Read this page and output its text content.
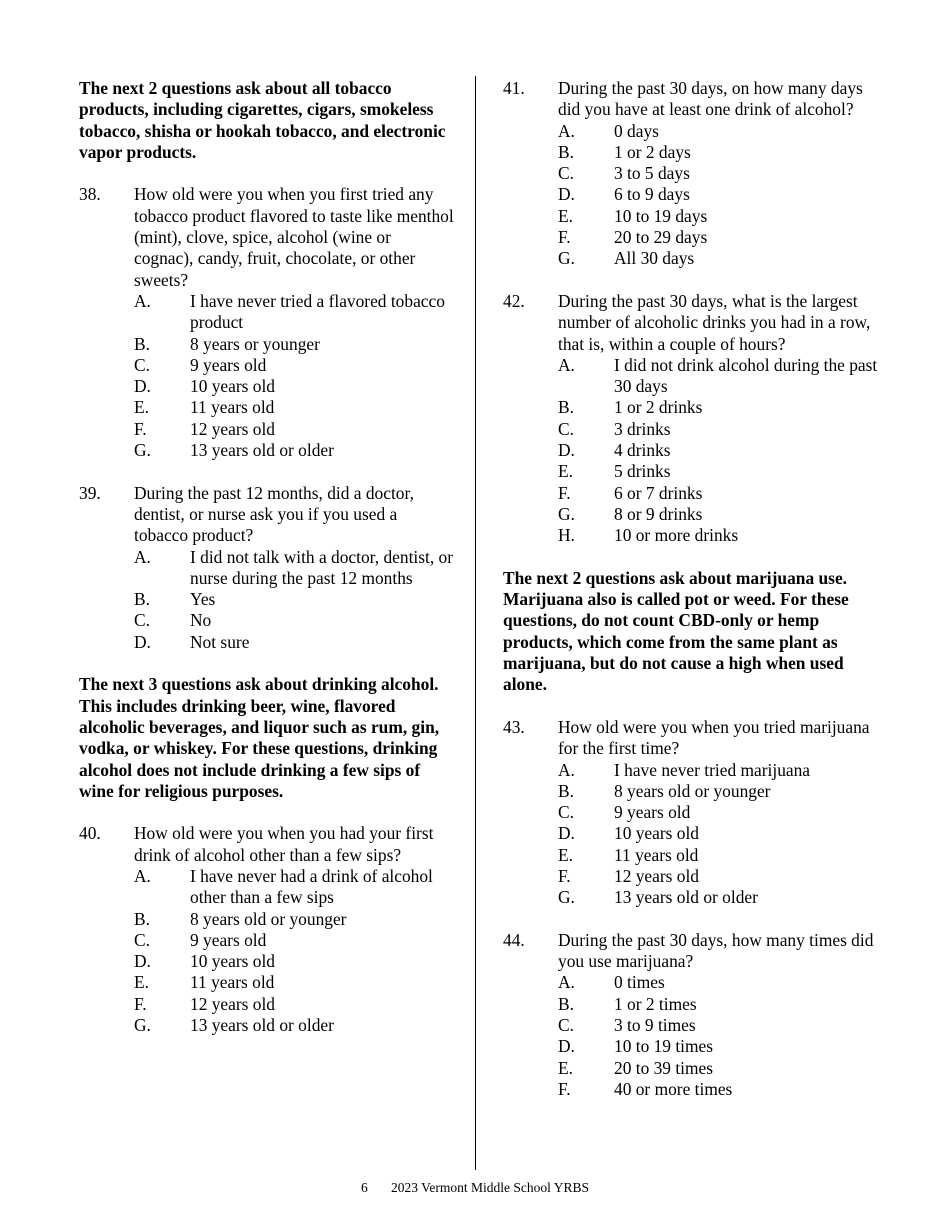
The next 2 questions ask about all tobacco products, including cigarettes, cigars, smokeless tobacco, shisha or hookah tobacco, and electronic vapor products.
38.	How old were you when you first tried any tobacco product flavored to taste like menthol (mint), clove, spice, alcohol (wine or cognac), candy, fruit, chocolate, or other sweets?
A.	I have never tried a flavored tobacco product
B.	8 years or younger
C.	9 years old
D.	10 years old
E.	11 years old
F.	12 years old
G.	13 years old or older
39.	During the past 12 months, did a doctor, dentist, or nurse ask you if you used a tobacco product?
A.	I did not talk with a doctor, dentist, or nurse during the past 12 months
B.	Yes
C.	No
D.	Not sure
The next 3 questions ask about drinking alcohol. This includes drinking beer, wine, flavored alcoholic beverages, and liquor such as rum, gin, vodka, or whiskey. For these questions, drinking alcohol does not include drinking a few sips of wine for religious purposes.
40.	How old were you when you had your first drink of alcohol other than a few sips?
A.	I have never had a drink of alcohol other than a few sips
B.	8 years old or younger
C.	9 years old
D.	10 years old
E.	11 years old
F.	12 years old
G.	13 years old or older
41.	During the past 30 days, on how many days did you have at least one drink of alcohol?
A.	0 days
B.	1 or 2 days
C.	3 to 5 days
D.	6 to 9 days
E.	10 to 19 days
F.	20 to 29 days
G.	All 30 days
42.	During the past 30 days, what is the largest number of alcoholic drinks you had in a row, that is, within a couple of hours?
A.	I did not drink alcohol during the past 30 days
B.	1 or 2 drinks
C.	3 drinks
D.	4 drinks
E.	5 drinks
F.	6 or 7 drinks
G.	8 or 9 drinks
H.	10 or more drinks
The next 2 questions ask about marijuana use. Marijuana also is called pot or weed. For these questions, do not count CBD-only or hemp products, which come from the same plant as marijuana, but do not cause a high when used alone.
43.	How old were you when you tried marijuana for the first time?
A.	I have never tried marijuana
B.	8 years old or younger
C.	9 years old
D.	10 years old
E.	11 years old
F.	12 years old
G.	13 years old or older
44.	During the past 30 days, how many times did you use marijuana?
A.	0 times
B.	1 or 2 times
C.	3 to 9 times
D.	10 to 19 times
E.	20 to 39 times
F.	40 or more times
6 2023 Vermont Middle School YRBS
